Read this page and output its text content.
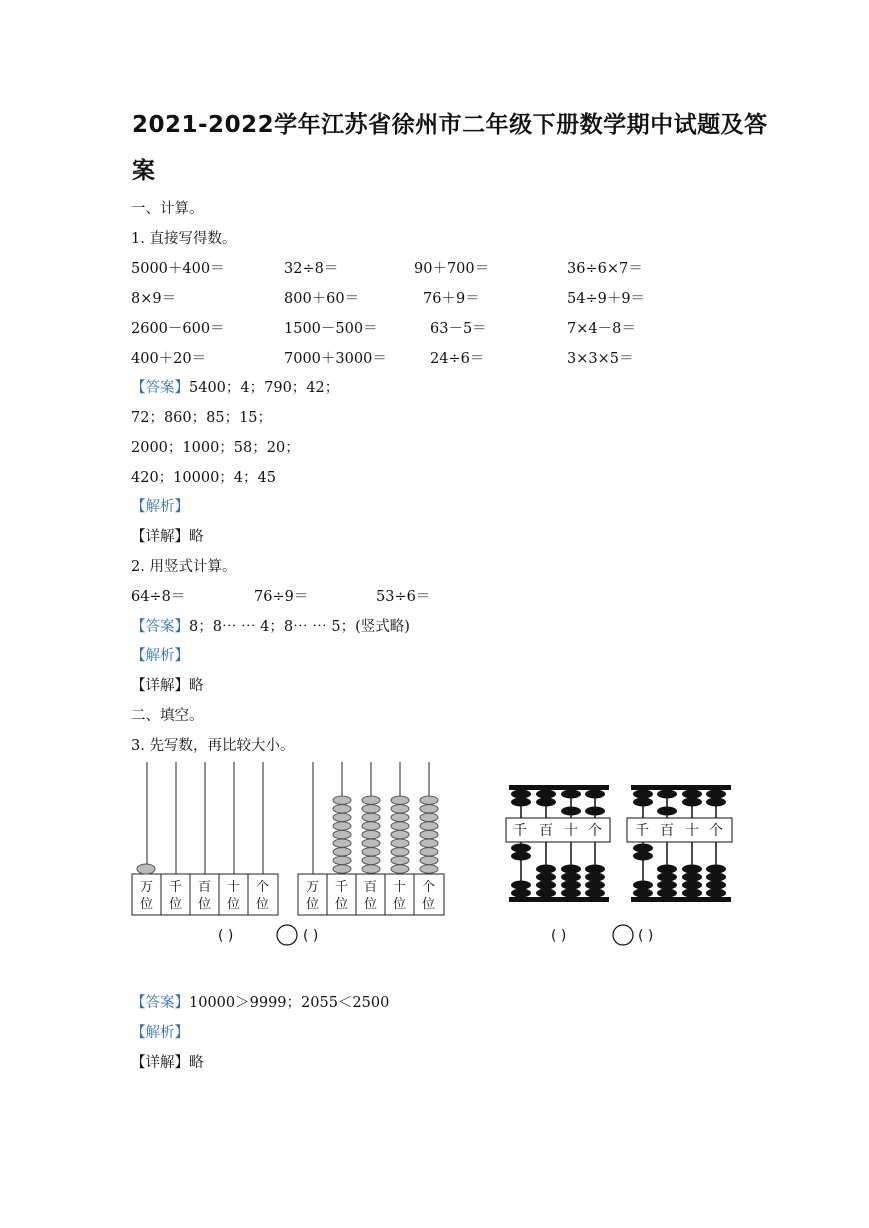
2021-2022学年江苏省徐州市二年级下册数学期中试题及答
案
一、计算。
1. 直接写得数。
5000＋400＝	32÷8＝	90＋700＝	36÷6×7＝
8×9＝	800＋60＝	76＋9＝	54÷9＋9＝
2600－600＝	1500－500＝	63－5＝	7×4－8＝
400＋20＝	7000＋3000＝	24÷6＝	3×3×5＝
【答案】5400；4；790；42；
72；860；85；15；
2000；1000；58；20；
420；10000；4；45
【解析】
【详解】略
2. 用竖式计算。
64÷8＝	76÷9＝	53÷6＝
【答案】8；8⋯ ⋯ 4；8⋯ ⋯ 5；(竖式略)
【解析】
【详解】略
二、填空。
3. 先写数，再比较大小。
万
位
千
位
百
位
十
位
个
位
万
位
千
位
百
位
十
位
个
位
( )	( )
千 百 十 个 千 百 十 个
( )	( )
【答案】10000＞9999；2055＜2500
【解析】
【详解】略
